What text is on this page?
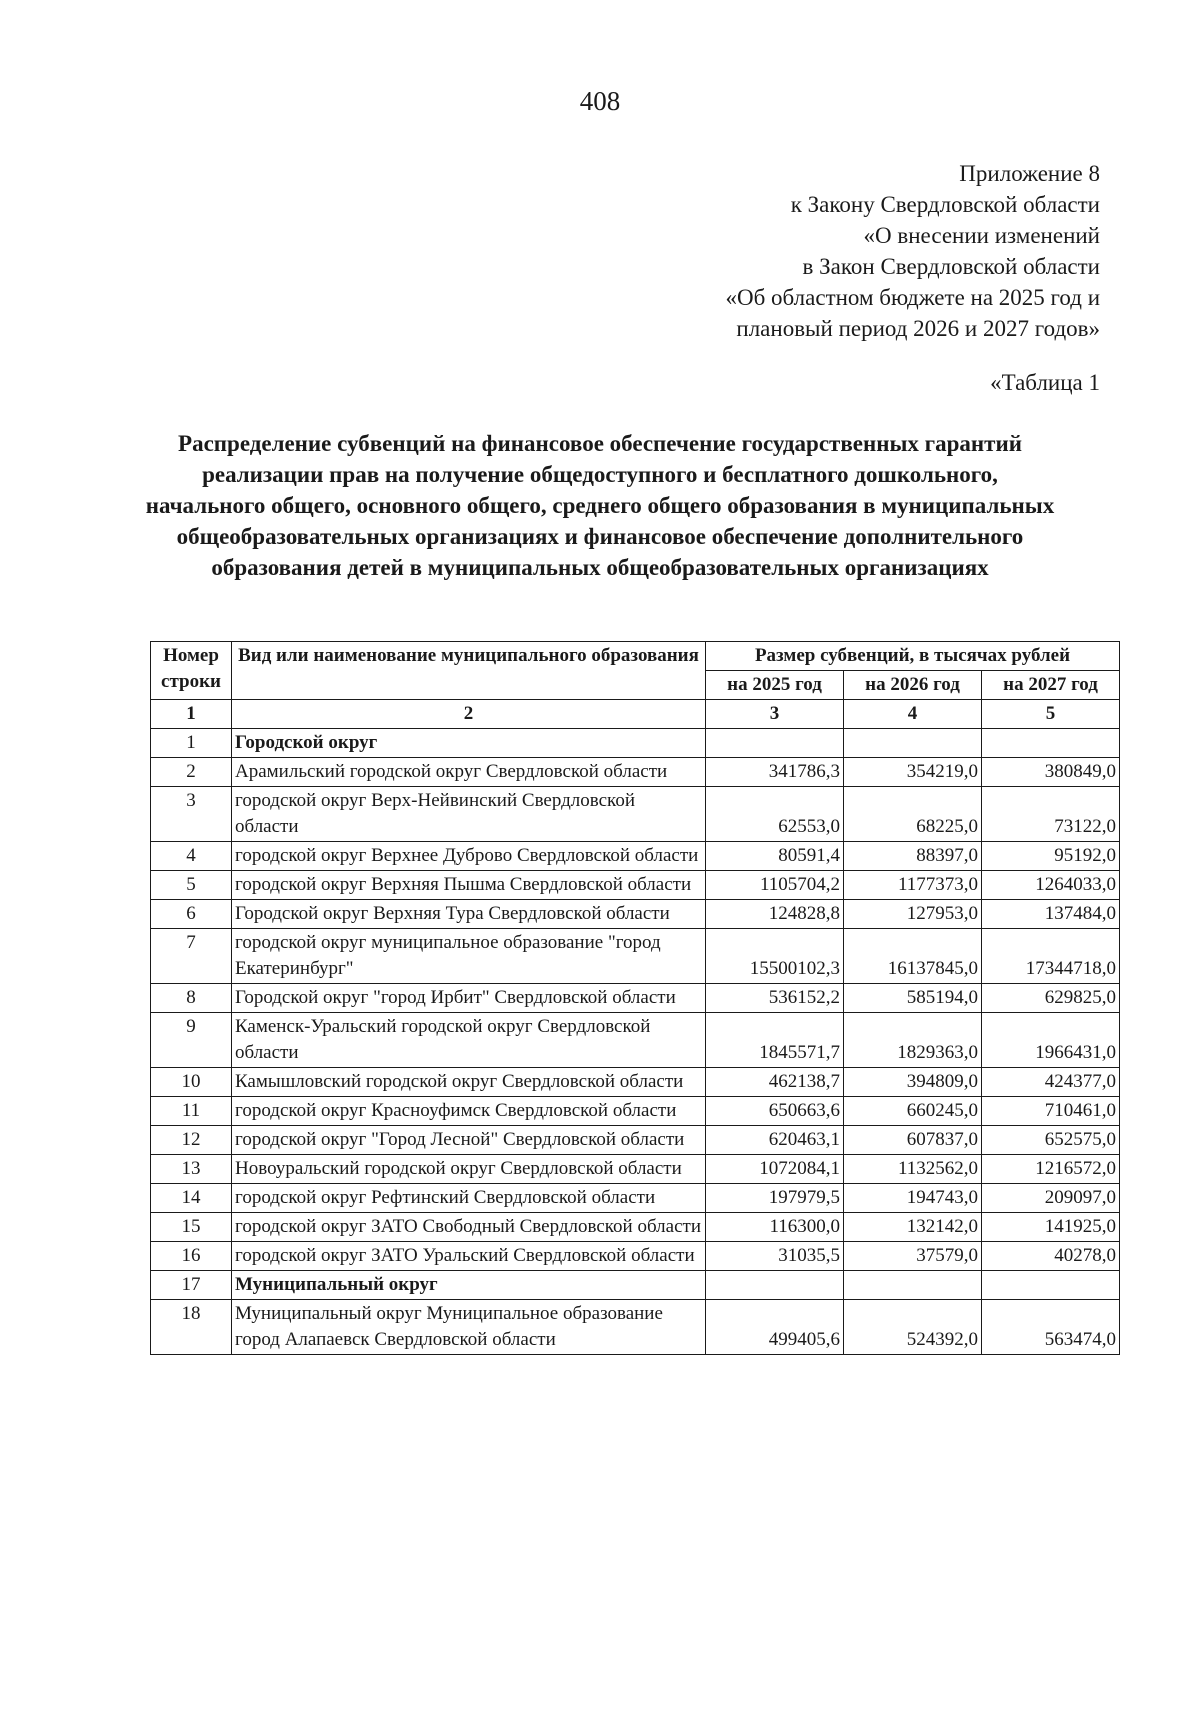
408
Приложение 8
к Закону Свердловской области
«О внесении изменений
в Закон Свердловской области
«Об областном бюджете на 2025 год и
плановый период 2026 и 2027 годов»
«Таблица 1
Распределение субвенций на финансовое обеспечение государственных гарантий реализации прав на получение общедоступного и бесплатного дошкольного, начального общего, основного общего, среднего общего образования в муниципальных общеобразовательных организациях и финансовое обеспечение дополнительного образования детей в муниципальных общеобразовательных организациях
Номер строки	Вид или наименование муниципального образования	Размер субвенций, в тысячах рублей		
		на 2025 год	на 2026 год	на 2027 год
1	2	3	4	5
1	Городской округ			
2	Арамильский городской округ Свердловской области	341786,3	354219,0	380849,0
3	городской округ Верх-Нейвинский Свердловской области	62553,0	68225,0	73122,0
4	городской округ Верхнее Дуброво Свердловской области	80591,4	88397,0	95192,0
5	городской округ Верхняя Пышма Свердловской области	1105704,2	1177373,0	1264033,0
6	Городской округ Верхняя Тура Свердловской области	124828,8	127953,0	137484,0
7	городской округ муниципальное образование "город Екатеринбург"	15500102,3	16137845,0	17344718,0
8	Городской округ "город Ирбит" Свердловской области	536152,2	585194,0	629825,0
9	Каменск-Уральский городской округ Свердловской области	1845571,7	1829363,0	1966431,0
10	Камышловский городской округ Свердловской области	462138,7	394809,0	424377,0
11	городской округ Красноуфимск Свердловской области	650663,6	660245,0	710461,0
12	городской округ "Город Лесной" Свердловской области	620463,1	607837,0	652575,0
13	Новоуральский городской округ Свердловской области	1072084,1	1132562,0	1216572,0
14	городской округ Рефтинский Свердловской области	197979,5	194743,0	209097,0
15	городской округ ЗАТО Свободный Свердловской области	116300,0	132142,0	141925,0
16	городской округ ЗАТО Уральский Свердловской области	31035,5	37579,0	40278,0
17	Муниципальный округ			
18	Муниципальный округ Муниципальное образование город Алапаевск Свердловской области	499405,6	524392,0	563474,0
